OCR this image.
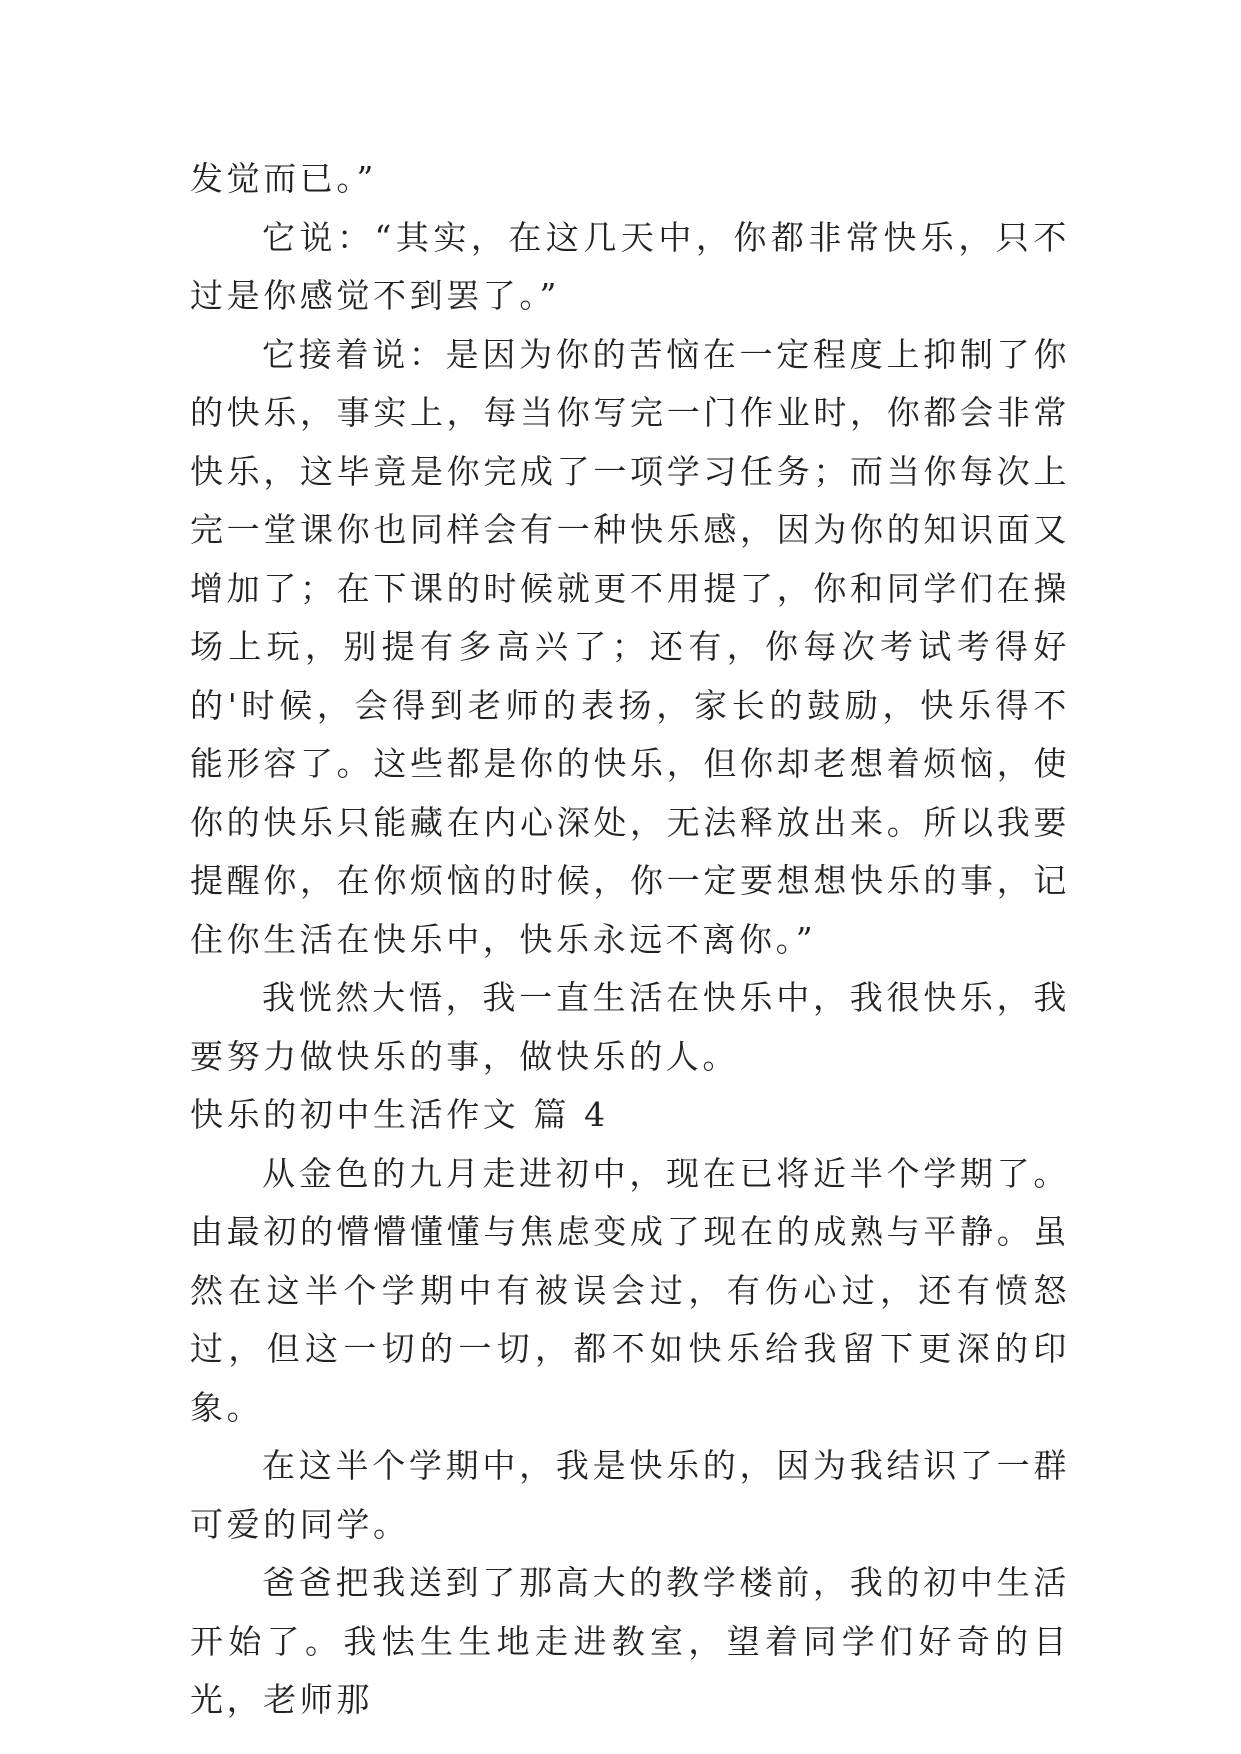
发觉而已。”

它说：“其实，在这几天中，你都非常快乐，只不过是你感觉不到罢了。”

它接着说：是因为你的苦恼在一定程度上抑制了你的快乐，事实上，每当你写完一门作业时，你都会非常快乐，这毕竟是你完成了一项学习任务；而当你每次上完一堂课你也同样会有一种快乐感，因为你的知识面又增加了；在下课的时候就更不用提了，你和同学们在操场上玩，别提有多高兴了；还有，你每次考试考得好的'时候，会得到老师的表扬，家长的鼓励，快乐得不能形容了。这些都是你的快乐，但你却老想着烦恼，使你的快乐只能藏在内心深处，无法释放出来。所以我要提醒你，在你烦恼的时候，你一定要想想快乐的事，记住你生活在快乐中，快乐永远不离你。”

我恍然大悟，我一直生活在快乐中，我很快乐，我要努力做快乐的事，做快乐的人。

快乐的初中生活作文 篇 4

从金色的九月走进初中，现在已将近半个学期了。由最初的懵懵懂懂与焦虑变成了现在的成熟与平静。虽然在这半个学期中有被误会过，有伤心过，还有愤怒过，但这一切的一切，都不如快乐给我留下更深的印象。

在这半个学期中，我是快乐的，因为我结识了一群可爱的同学。

爸爸把我送到了那高大的教学楼前，我的初中生活开始了。我怯生生地走进教室，望着同学们好奇的目光，老师那
